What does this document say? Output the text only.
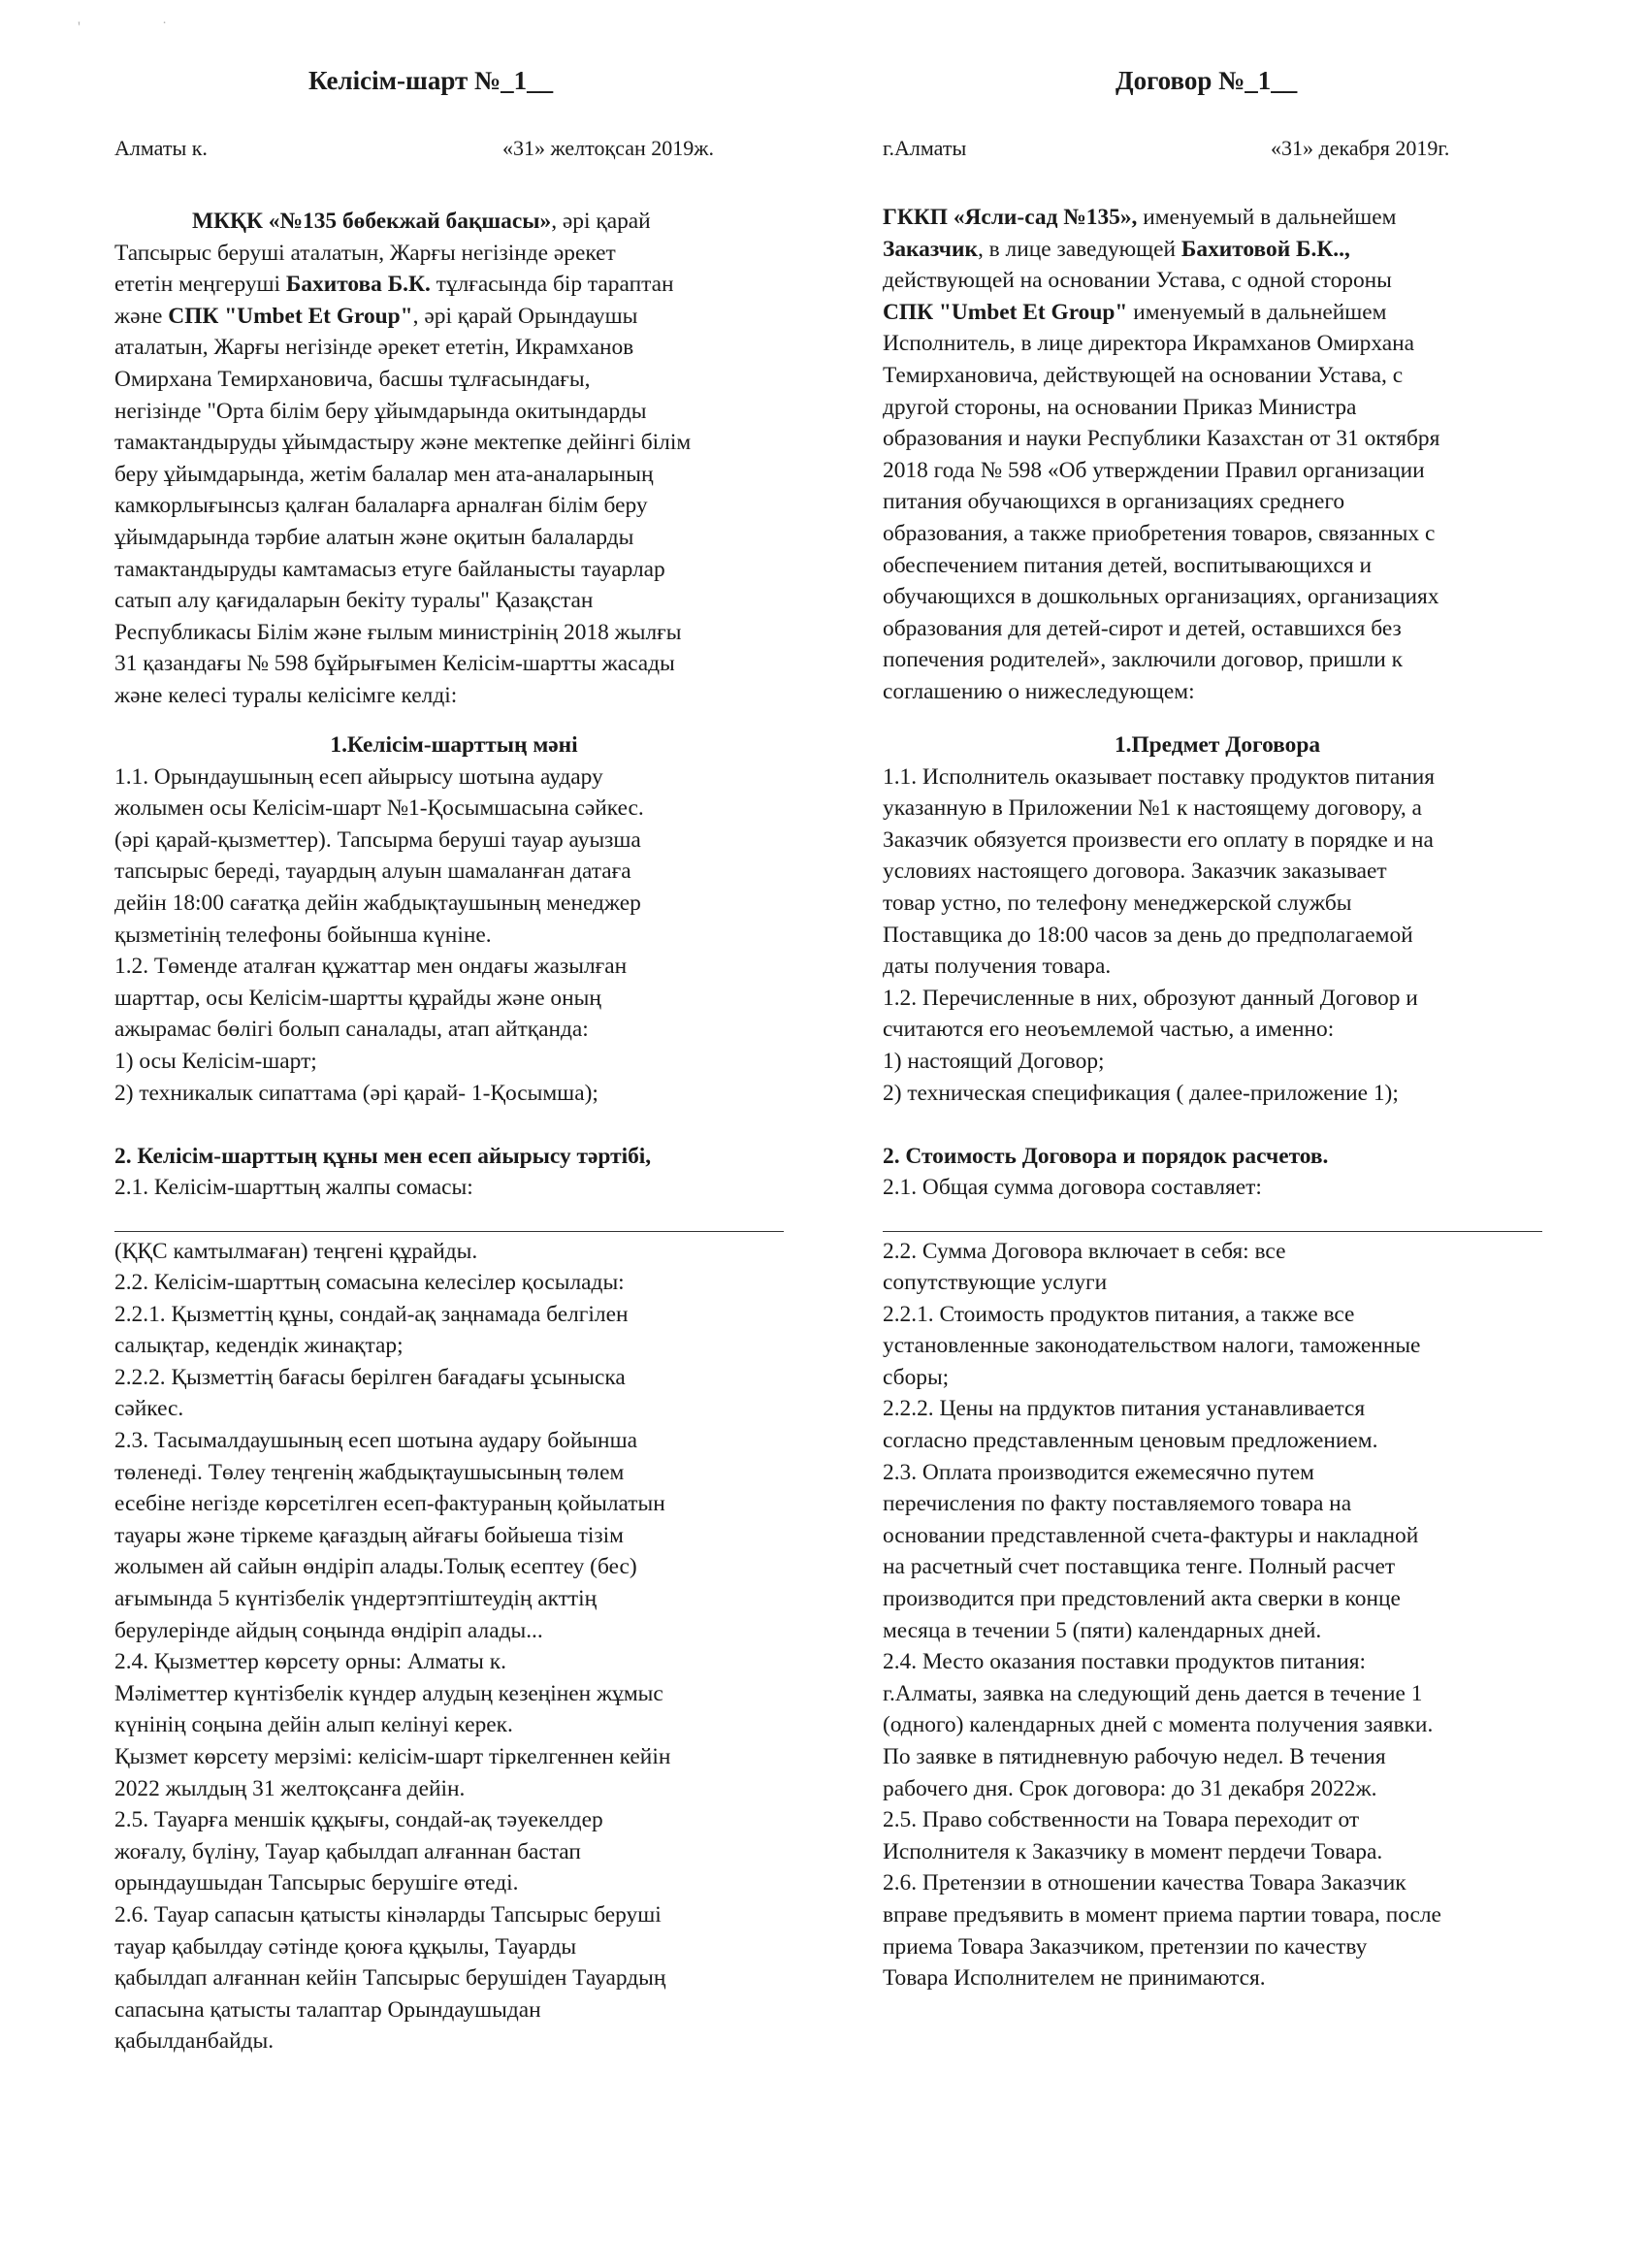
' ˙
Келісім-шарт №_1__
Алматы к.	«31» желтоқсан 2019ж.
МКҚК «№135 бөбекжай бақшасы», әрі қарай
Тапсырыс беруші аталатын, Жарғы негізінде әрекет
ететін меңгеруші Бахитова Б.К. тұлғасында бір тараптан
және СПК "Umbet Et Group", әрі қарай Орындаушы
аталатын, Жарғы негізінде әрекет ететін, Икрамханов
Омирхана Темирхановича, басшы тұлғасындағы,
негізінде "Орта білім беру ұйымдарында окитындарды
тамактандыруды ұйымдастыру және мектепке дейінгі білім
беру ұйымдарында, жетім балалар мен ата-аналарының
камкорлығынсыз қалған балаларға арналған білім беру
ұйымдарында тәрбие алатын және оқитын балаларды
тамактандыруды камтамасыз етуге байланысты тауарлар
сатып алу қағидаларын бекіту туралы" Қазақстан
Республикасы Білім және ғылым министрінің 2018 жылғы
31 қазандағы № 598 бұйрығымен Келісім-шартты жасады
және келесі туралы келісімге келді:
1.Келісім-шарттың мәні
1.1. Орындаушының есеп айырысу шотына аудару
жолымен осы Келісім-шарт №1-Қосымшасына сәйкес.
(әрі қарай-қызметтер). Тапсырма беруші тауар ауызша
тапсырыс береді, тауардың алуын шамаланған датаға
дейін 18:00 сағатқа дейін жабдықтаушының менеджер
қызметінің телефоны бойынша күніне.
1.2. Төменде аталған құжаттар мен ондағы жазылған
шарттар, осы Келісім-шартты құрайды және оның
ажырамас бөлігі болып саналады, атап айтқанда:
1) осы Келісім-шарт;
2) техникалык сипаттама (әрі қарай- 1-Қосымша);
2. Келісім-шарттың құны мен есеп айырысу тәртібі,
2.1. Келісім-шарттың жалпы сомасы:
(ҚҚС камтылмаған) теңгені құрайды.
2.2. Келісім-шарттың сомасына келесілер қосылады:
2.2.1. Қызметтің құны, сондай-ақ заңнамада белгілен
салықтар, кедендік жинақтар;
2.2.2. Қызметтің бағасы берілген бағадағы ұсыныска
сәйкес.
2.3. Тасымалдаушының есеп шотына аудару бойынша
төленеді. Төлеу теңгенің жабдықтаушысының төлем
есебіне негізде көрсетілген есеп-фактураның қойылатын
тауары және тіркеме қағаздың айғағы бойыеша тізім
жолымен ай сайын өндіріп алады.Толық есептеу (бес)
ағымында 5 күнтізбелік үндертэптіштеудің акттің
берулерінде айдың соңында өндіріп алады...
2.4. Қызметтер көрсету орны: Алматы к.
Мәліметтер күнтізбелік күндер алудың кезеңінен жұмыс
күнінің соңына дейін алып келінуі керек.
Қызмет көрсету мерзімі: келісім-шарт тіркелгеннен кейін
2022 жылдың 31 желтоқсанға дейін.
2.5. Тауарға меншік құқығы, сондай-ақ тәуекелдер
жоғалу, бүліну, Тауар қабылдап алғаннан бастап
орындаушыдан Тапсырыс берушігe өтеді.
2.6. Тауар сапасын қатысты кінәларды Тапсырыс беруші
тауар қабылдау сәтінде қоюға құқылы, Тауарды
қабылдап алғаннан кейін Тапсырыс берушіден Тауардың
сапасына қатысты талаптар Орындаушыдан
қабылданбайды.
Договор №_1__
г.Алматы	«31» декабря 2019г.
ГККП «Ясли-сад №135», именуемый в дальнейшем
Заказчик, в лице заведующей Бахитовой Б.К..,
действующей на основании Устава, с одной стороны
СПК "Umbet Et Group" именуемый в дальнейшем
Исполнитель, в лице директора Икрамханов Омирхана
Темирхановича, действующей на основании Устава, с
другой стороны, на основании Приказ Министра
образования и науки Республики Казахстан от 31 октября
2018 года № 598 «Об утверждении Правил организации
питания обучающихся в организациях среднего
образования, а также приобретения товаров, связанных с
обеспечением питания детей, воспитывающихся и
обучающихся в дошкольных организациях, организациях
образования для детей-сирот и детей, оставшихся без
попечения родителей», заключили договор, пришли к
соглашению о нижеследующем:
1.Предмет Договора
1.1. Исполнитель оказывает поставку продуктов питания
указанную в Приложении №1 к настоящему договору, а
Заказчик обязуется произвести его оплату в порядке и на
условиях настоящего договора. Заказчик заказывает
товар устно, по телефону менеджерской службы
Поставщика до 18:00 часов за день до предполагаемой
даты получения товара.
1.2. Перечисленные в них, оброзуют данный Договор и
считаются его неоъемлемой частью, а именно:
1) настоящий Договор;
2) техническая спецификация ( далее-приложение 1);
2. Стоимость Договора и порядок расчетов.
2.1. Общая сумма договора составляет:
2.2. Сумма Договора включает в себя: все
сопутствующие услуги
2.2.1. Стоимость продуктов питания, а также все
установленные законодательством налоги, таможенные
сборы;
2.2.2. Цены на прдуктов питания устанавливается
согласно представленным ценовым предложением.
2.3. Оплата производится ежемесячно путем
перечисления по факту поставляемого товара на
основании представленной счета-фактуры и накладной
на расчетный счет поставщика тенге. Полный расчет
производится при предстовлений акта сверки в конце
месяца в течении 5 (пяти) календарных дней.
2.4. Место оказания поставки продуктов питания:
г.Алматы, заявка на следующий день дается в течение 1
(одного) календарных дней с момента получения заявки.
По заявке в пятидневную рабочую недел. В течения
рабочего дня. Срок договора: до 31 декабря 2022ж.
2.5. Право собственности на Товара переходит от
Исполнителя к Заказчику в момент пердечи Товара.
2.6. Претензии в отношении качества Товара Заказчик
вправе предъявить в момент приема партии товара, после
приема Товара Заказчиком, претензии по качеству
Товара Исполнителем не принимаются.
